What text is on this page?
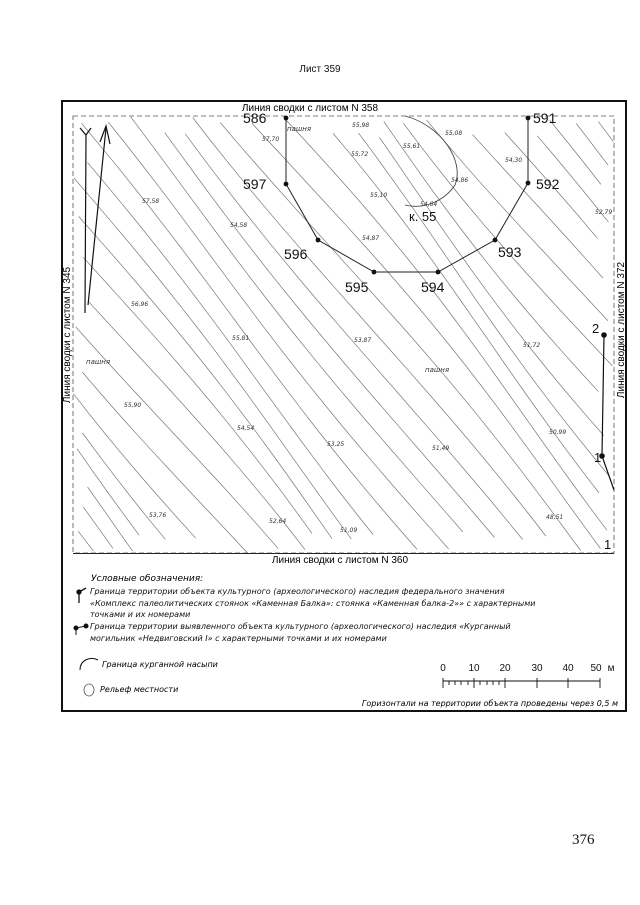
Лист 359
Линия сводки с листом N 358
Линия сводки с листом N 360
Линия сводки с листом N 345	Линия сводки с листом N 372
586	591
592
593
594
595
596
597
к. 55
2
1
1
пашня
пашня
пашня
57,70
55,98
55,08
55,61
55,72
54,30
54,86
55,10
54,64
57,58
54,58
54,87
52,79
56,96
55,81	53,87
51,72
55,90
54,54
53,25
51,49
50,99
53,76
52,64
51,09
48,51
Условные обозначения:
Граница территории объекта культурного (археологического) наследия федерального значения
«Комплекс палеолитических стоянок «Каменная Балка»: стоянка «Каменная балка-2»» с характерными
точками и их номерами
Граница территории выявленного объекта культурного (археологического) наследия «Курганный
могильник «Недвиговский I» с характерными точками и их номерами
Граница курганной насыпи
Рельеф местности
0 10 20 30 40 50 м
Горизонтали на территории объекта проведены через 0,5 м
376
